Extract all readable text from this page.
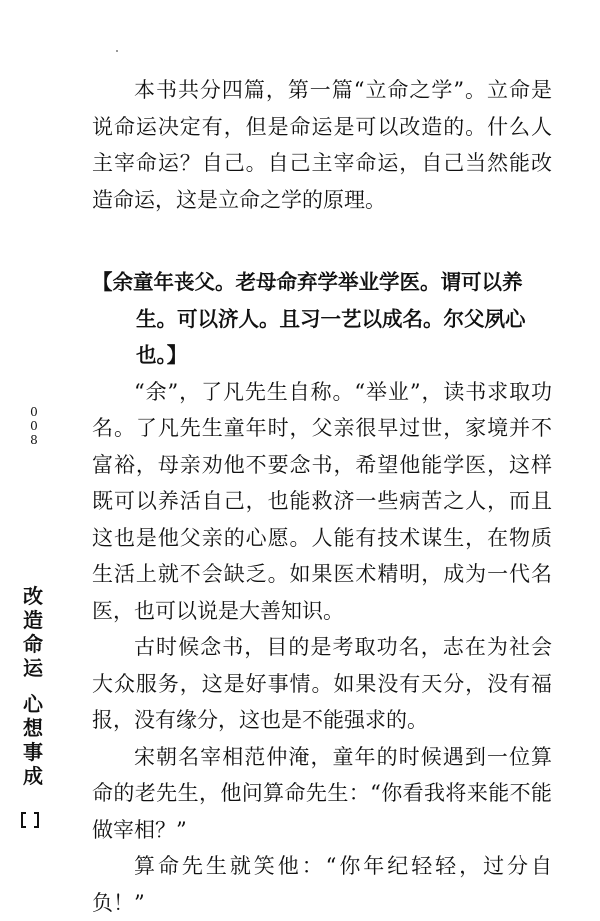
本书共分四篇，第一篇“立命之学”。立命是说命运决定有，但是命运是可以改造的。什么人主宰命运？自己。自己主宰命运，自己当然能改造命运，这是立命之学的原理。

【余童年丧父。老母命弃学举业学医。谓可以养
生。可以济人。且习一艺以成名。尔父夙心也。】

“余”，了凡先生自称。“举业”，读书求取功名。了凡先生童年时，父亲很早过世，家境并不富裕，母亲劝他不要念书，希望他能学医，这样既可以养活自己，也能救济一些病苦之人，而且这也是他父亲的心愿。人能有技术谋生，在物质生活上就不会缺乏。如果医术精明，成为一代名医，也可以说是大善知识。

古时候念书，目的是考取功名，志在为社会大众服务，这是好事情。如果没有天分，没有福报，没有缘分，这也是不能强求的。

宋朝名宰相范仲淹，童年的时候遇到一位算命的老先生，他问算命先生：“你看我将来能不能做宰相？”

算命先生就笑他：“你年纪轻轻，过分自负！”

0
0
8
改
造
命
运
心
想
事
成
